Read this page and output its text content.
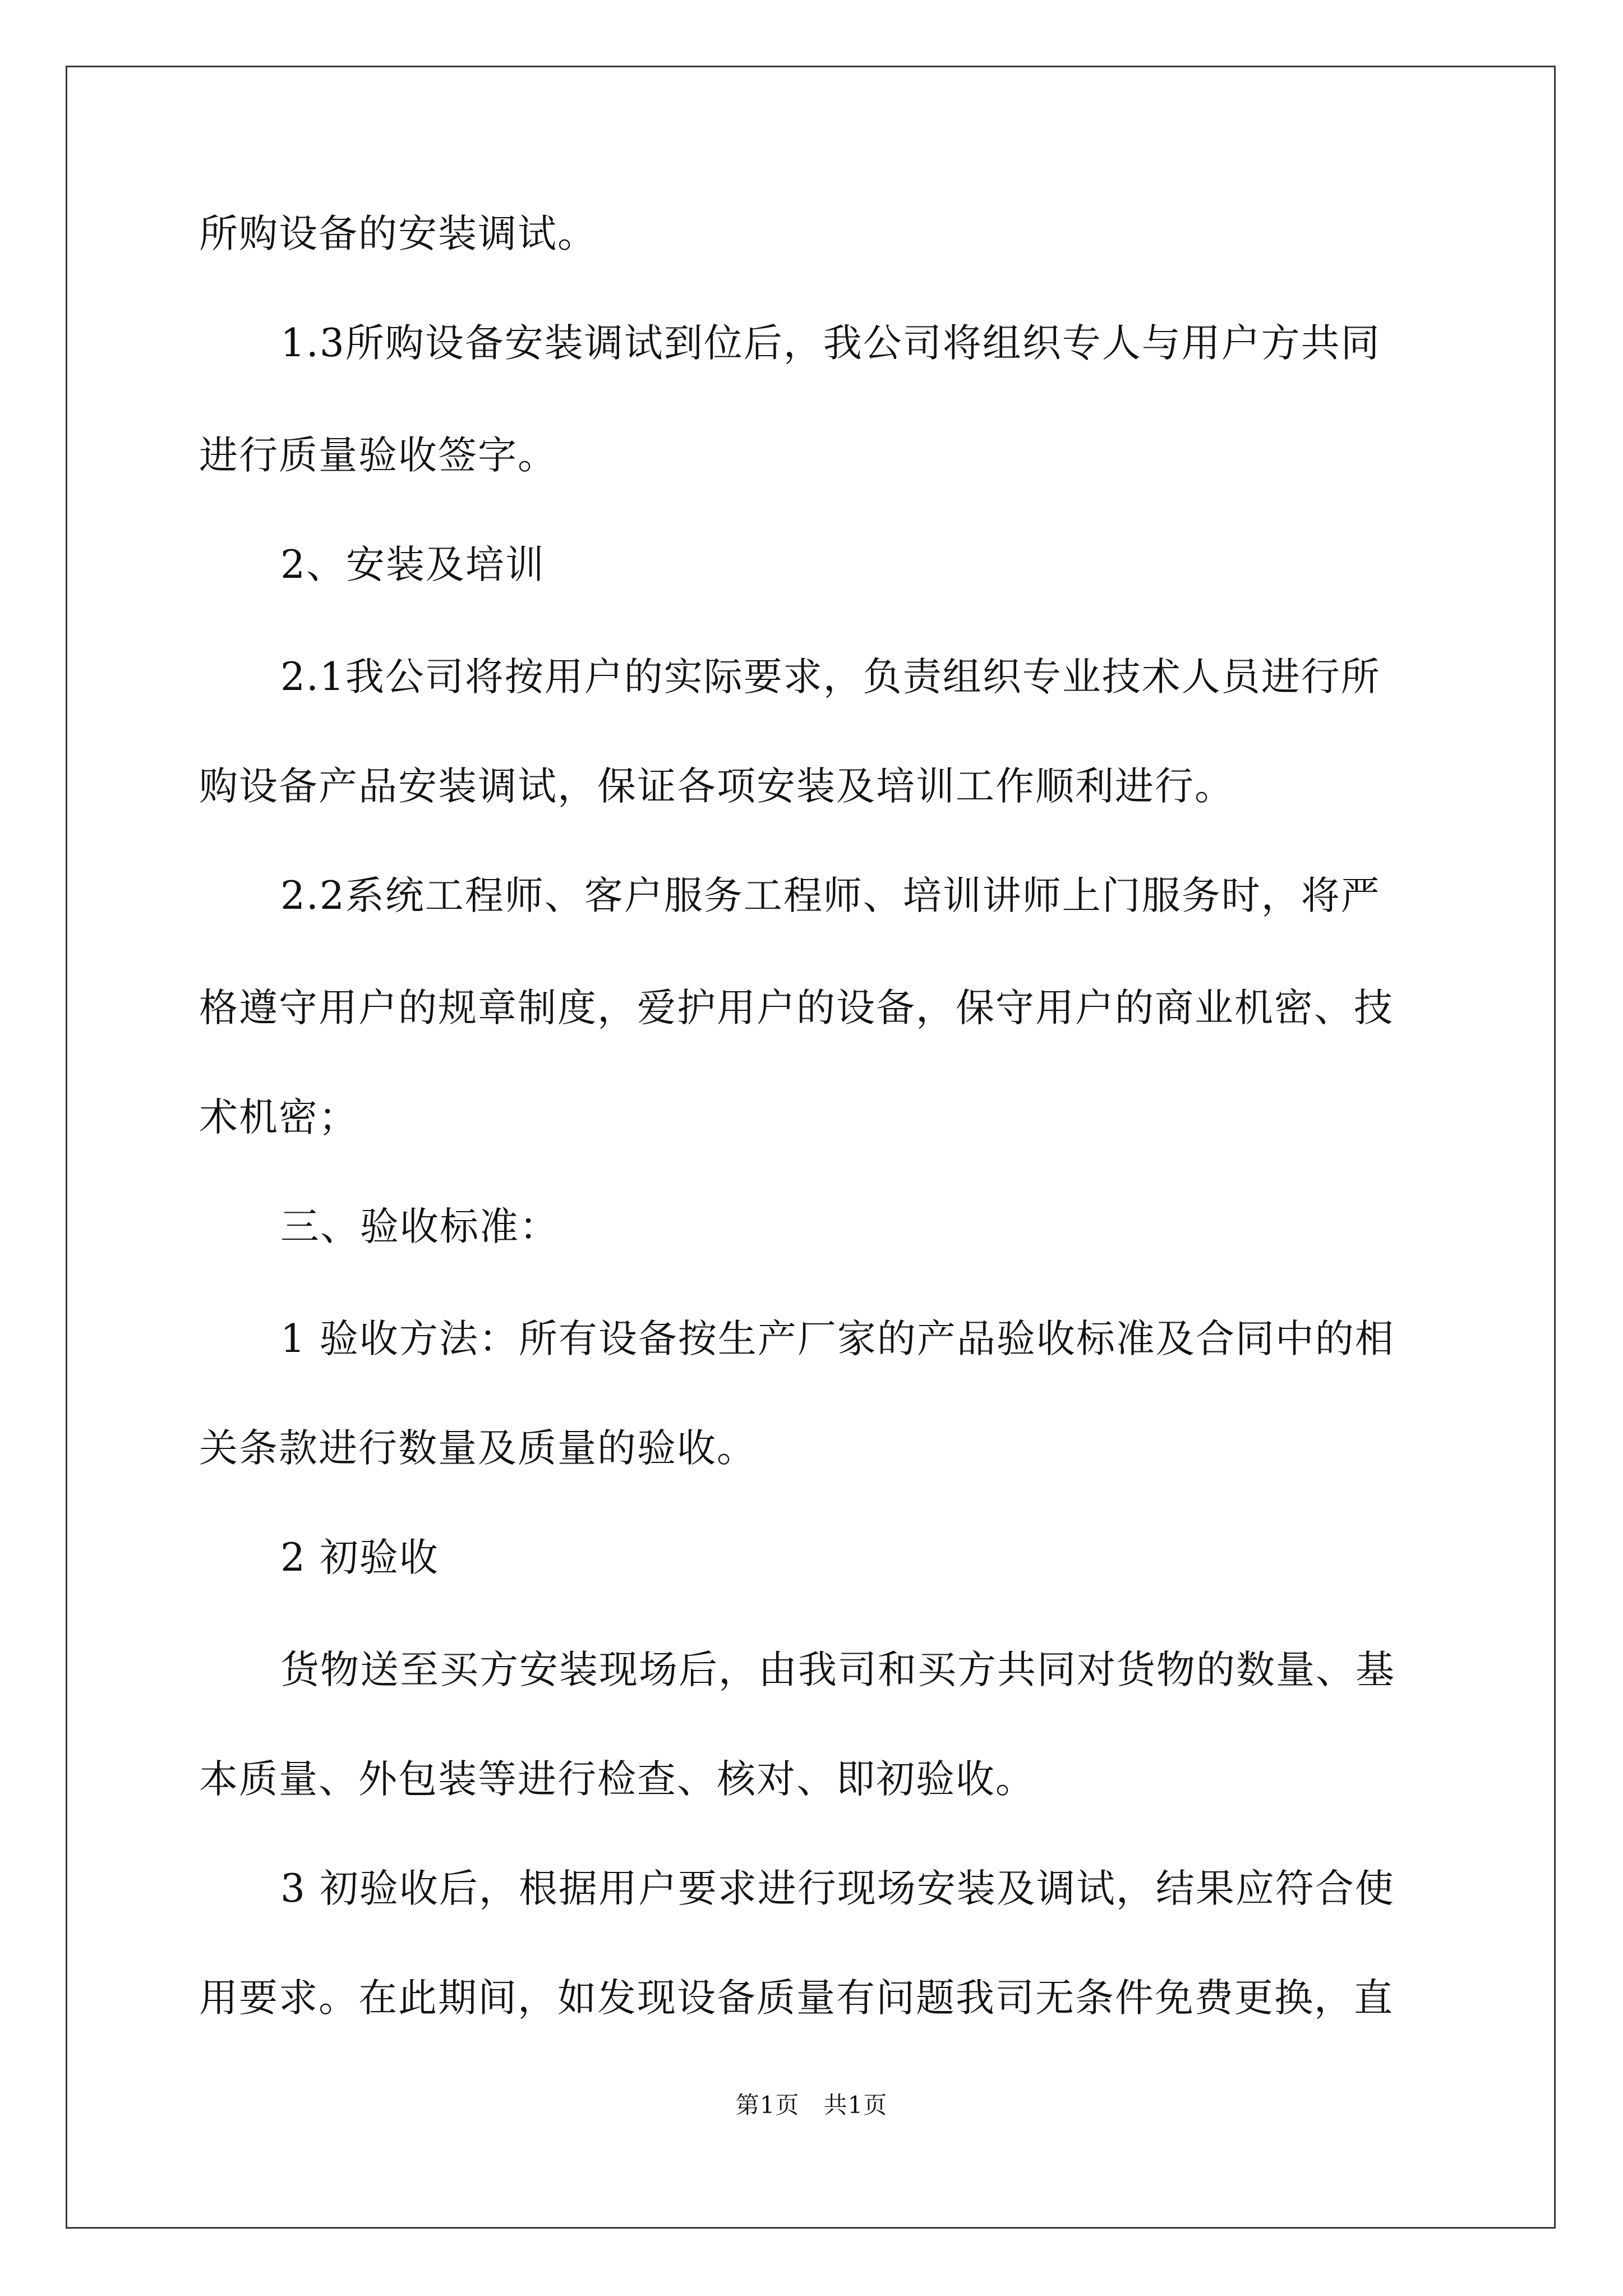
所购设备的安装调试。
1.3所购设备安装调试到位后，我公司将组织专人与用户方共同
进行质量验收签字。
2、安装及培训
2.1我公司将按用户的实际要求，负责组织专业技术人员进行所
购设备产品安装调试，保证各项安装及培训工作顺利进行。
2.2系统工程师、客户服务工程师、培训讲师上门服务时，将严
格遵守用户的规章制度，爱护用户的设备，保守用户的商业机密、技
术机密；
三、验收标准：
1 验收方法：所有设备按生产厂家的产品验收标准及合同中的相
关条款进行数量及质量的验收。
2 初验收
货物送至买方安装现场后，由我司和买方共同对货物的数量、基
本质量、外包装等进行检查、核对、即初验收。
3 初验收后，根据用户要求进行现场安装及调试，结果应符合使
用要求。在此期间，如发现设备质量有问题我司无条件免费更换，直
第1页　共1页
